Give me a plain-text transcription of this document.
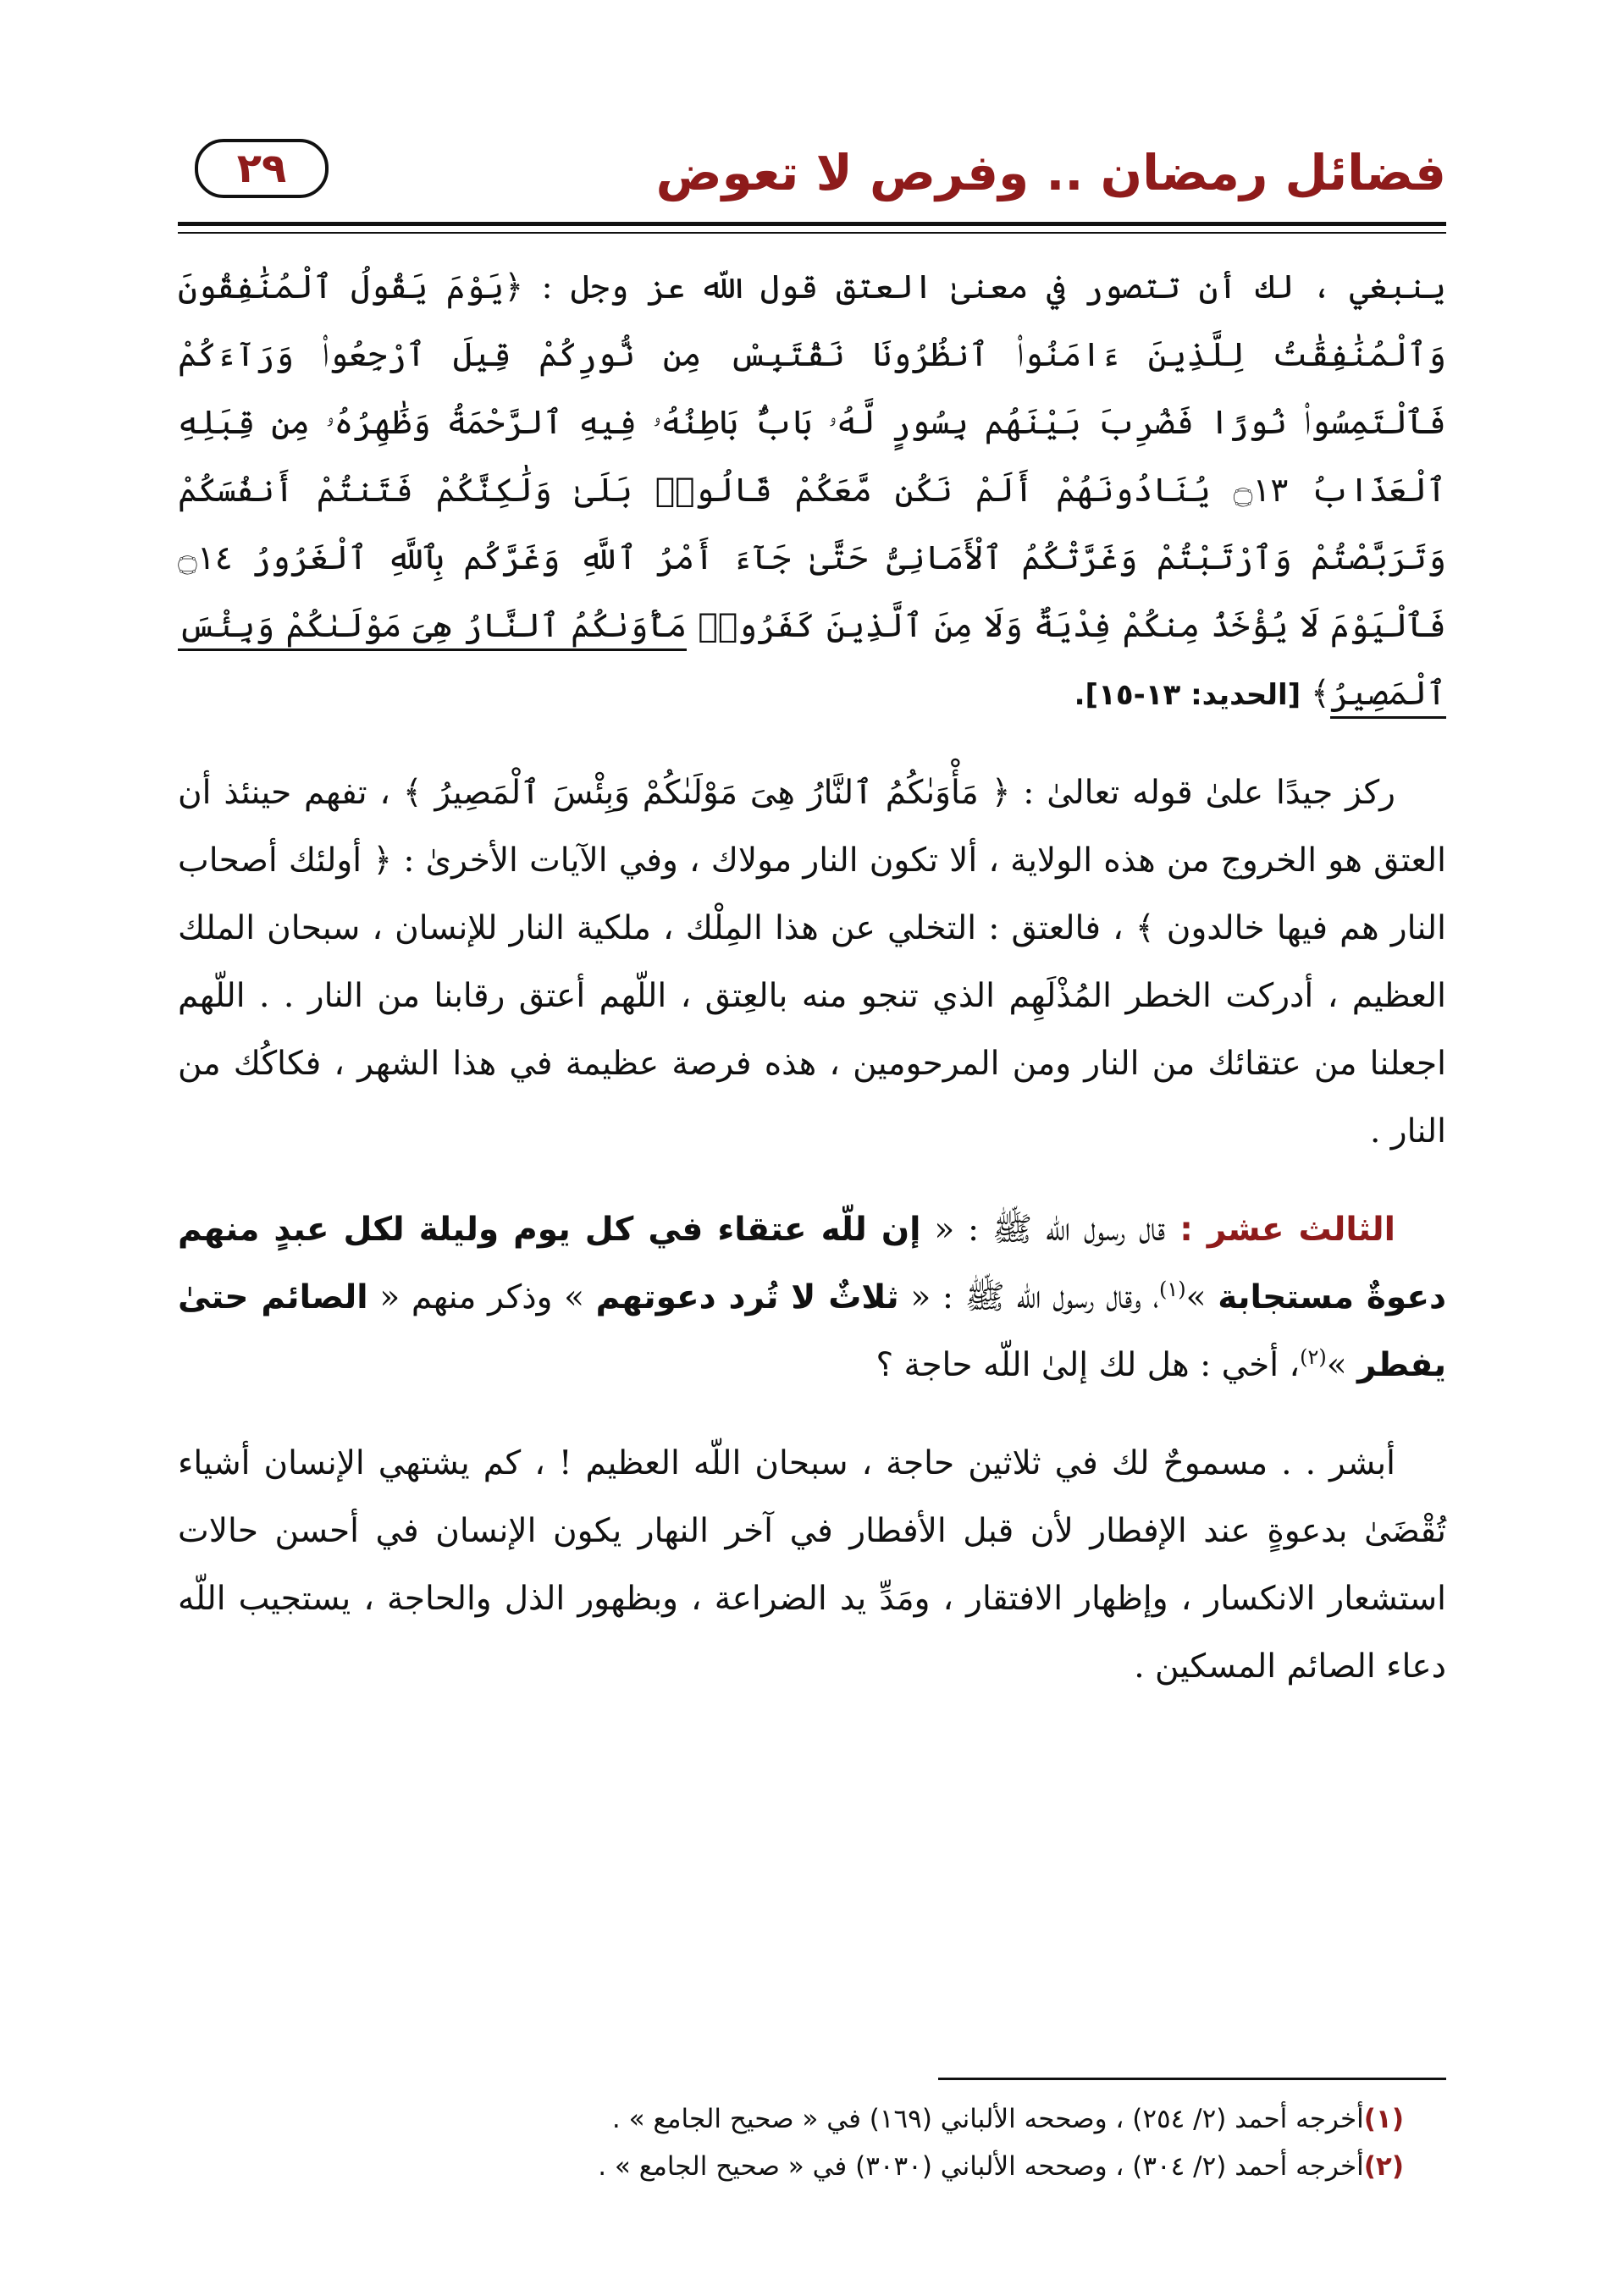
فضائل رمضان .. وفرص لا تعوض
٢٩

ينبغي ، لك أن تتصور في معنىٰ العتق قول اللّه عز وجل : ﴿يَوْمَ يَقُولُ ٱلْمُنَٰفِقُونَ وَٱلْمُنَٰفِقَٰتُ لِلَّذِينَ ءَامَنُوا۟ ٱنظُرُونَا نَقْتَبِسْ مِن نُّورِكُمْ قِيلَ ٱرْجِعُوا۟ وَرَآءَكُمْ فَٱلْتَمِسُوا۟ نُورًا فَضُرِبَ بَيْنَهُم بِسُورٍ لَّهُۥ بَابٌۢ بَاطِنُهُۥ فِيهِ ٱلرَّحْمَةُ وَظَٰهِرُهُۥ مِن قِبَلِهِ ٱلْعَذَابُ ۝١٣ يُنَادُونَهُمْ أَلَمْ نَكُن مَّعَكُمْ قَالُوا۟ بَلَىٰ وَلَٰكِنَّكُمْ فَتَنتُمْ أَنفُسَكُمْ وَتَرَبَّصْتُمْ وَٱرْتَبْتُمْ وَغَرَّتْكُمُ ٱلْأَمَانِىُّ حَتَّىٰ جَآءَ أَمْرُ ٱللَّهِ وَغَرَّكُم بِٱللَّهِ ٱلْغَرُورُ ۝١٤ فَٱلْيَوْمَ لَا يُؤْخَذُ مِنكُمْ فِدْيَةٌ وَلَا مِنَ ٱلَّذِينَ كَفَرُوا۟ مَأْوَىٰكُمُ ٱلنَّارُ هِىَ مَوْلَىٰكُمْ وَبِئْسَ ٱلْمَصِيرُ﴾ [الحديد: ١٣-١٥].

ركز جيدًا علىٰ قوله تعالىٰ : ﴿ مَأْوَىٰكُمُ ٱلنَّارُ هِىَ مَوْلَىٰكُمْ وَبِئْسَ ٱلْمَصِيرُ ﴾ ، تفهم حينئذ أن العتق هو الخروج من هذه الولاية ، ألا تكون النار مولاك ، وفي الآيات الأخرىٰ : ﴿ أولئك أصحاب النار هم فيها خالدون ﴾ ، فالعتق : التخلي عن هذا المِلْك ، ملكية النار للإنسان ، سبحان الملك العظيم ، أدركت الخطر المُذْلَهِم الذي تنجو منه بالعِتق ، اللّهم أعتق رقابنا من النار . . اللّهم اجعلنا من عتقائك من النار ومن المرحومين ، هذه فرصة عظيمة في هذا الشهر ، فكاكُك من النار .

الثالث عشر : قال رسول اللّه ﷺ : « إن للّه عتقاء في كل يوم وليلة لكل عبدٍ منهم دعوةٌ مستجابة »$^{(١)}$، وقال رسول اللّه ﷺ : « ثلاثٌ لا تُرد دعوتهم » وذكر منهم « الصائم حتىٰ يفطر »$^{(٢)}$، أخي : هل لك إلىٰ اللّه حاجة ؟

أبشر . . مسموحٌ لك في ثلاثين حاجة ، سبحان اللّه العظيم ! ، كم يشتهي الإنسان أشياء تُقْضَىٰ بدعوةٍ عند الإفطار لأن قبل الأفطار في آخر النهار يكون الإنسان في أحسن حالات استشعار الانكسار ، وإظهار الافتقار ، ومَدِّ يد الضراعة ، وبظهور الذل والحاجة ، يستجيب اللّه دعاء الصائم المسكين .

(١)أخرجه أحمد (٢/ ٢٥٤) ، وصححه الألباني (١٦٩) في « صحيح الجامع » .
(٢)أخرجه أحمد (٢/ ٣٠٤) ، وصححه الألباني (٣٠٣٠) في « صحيح الجامع » .
